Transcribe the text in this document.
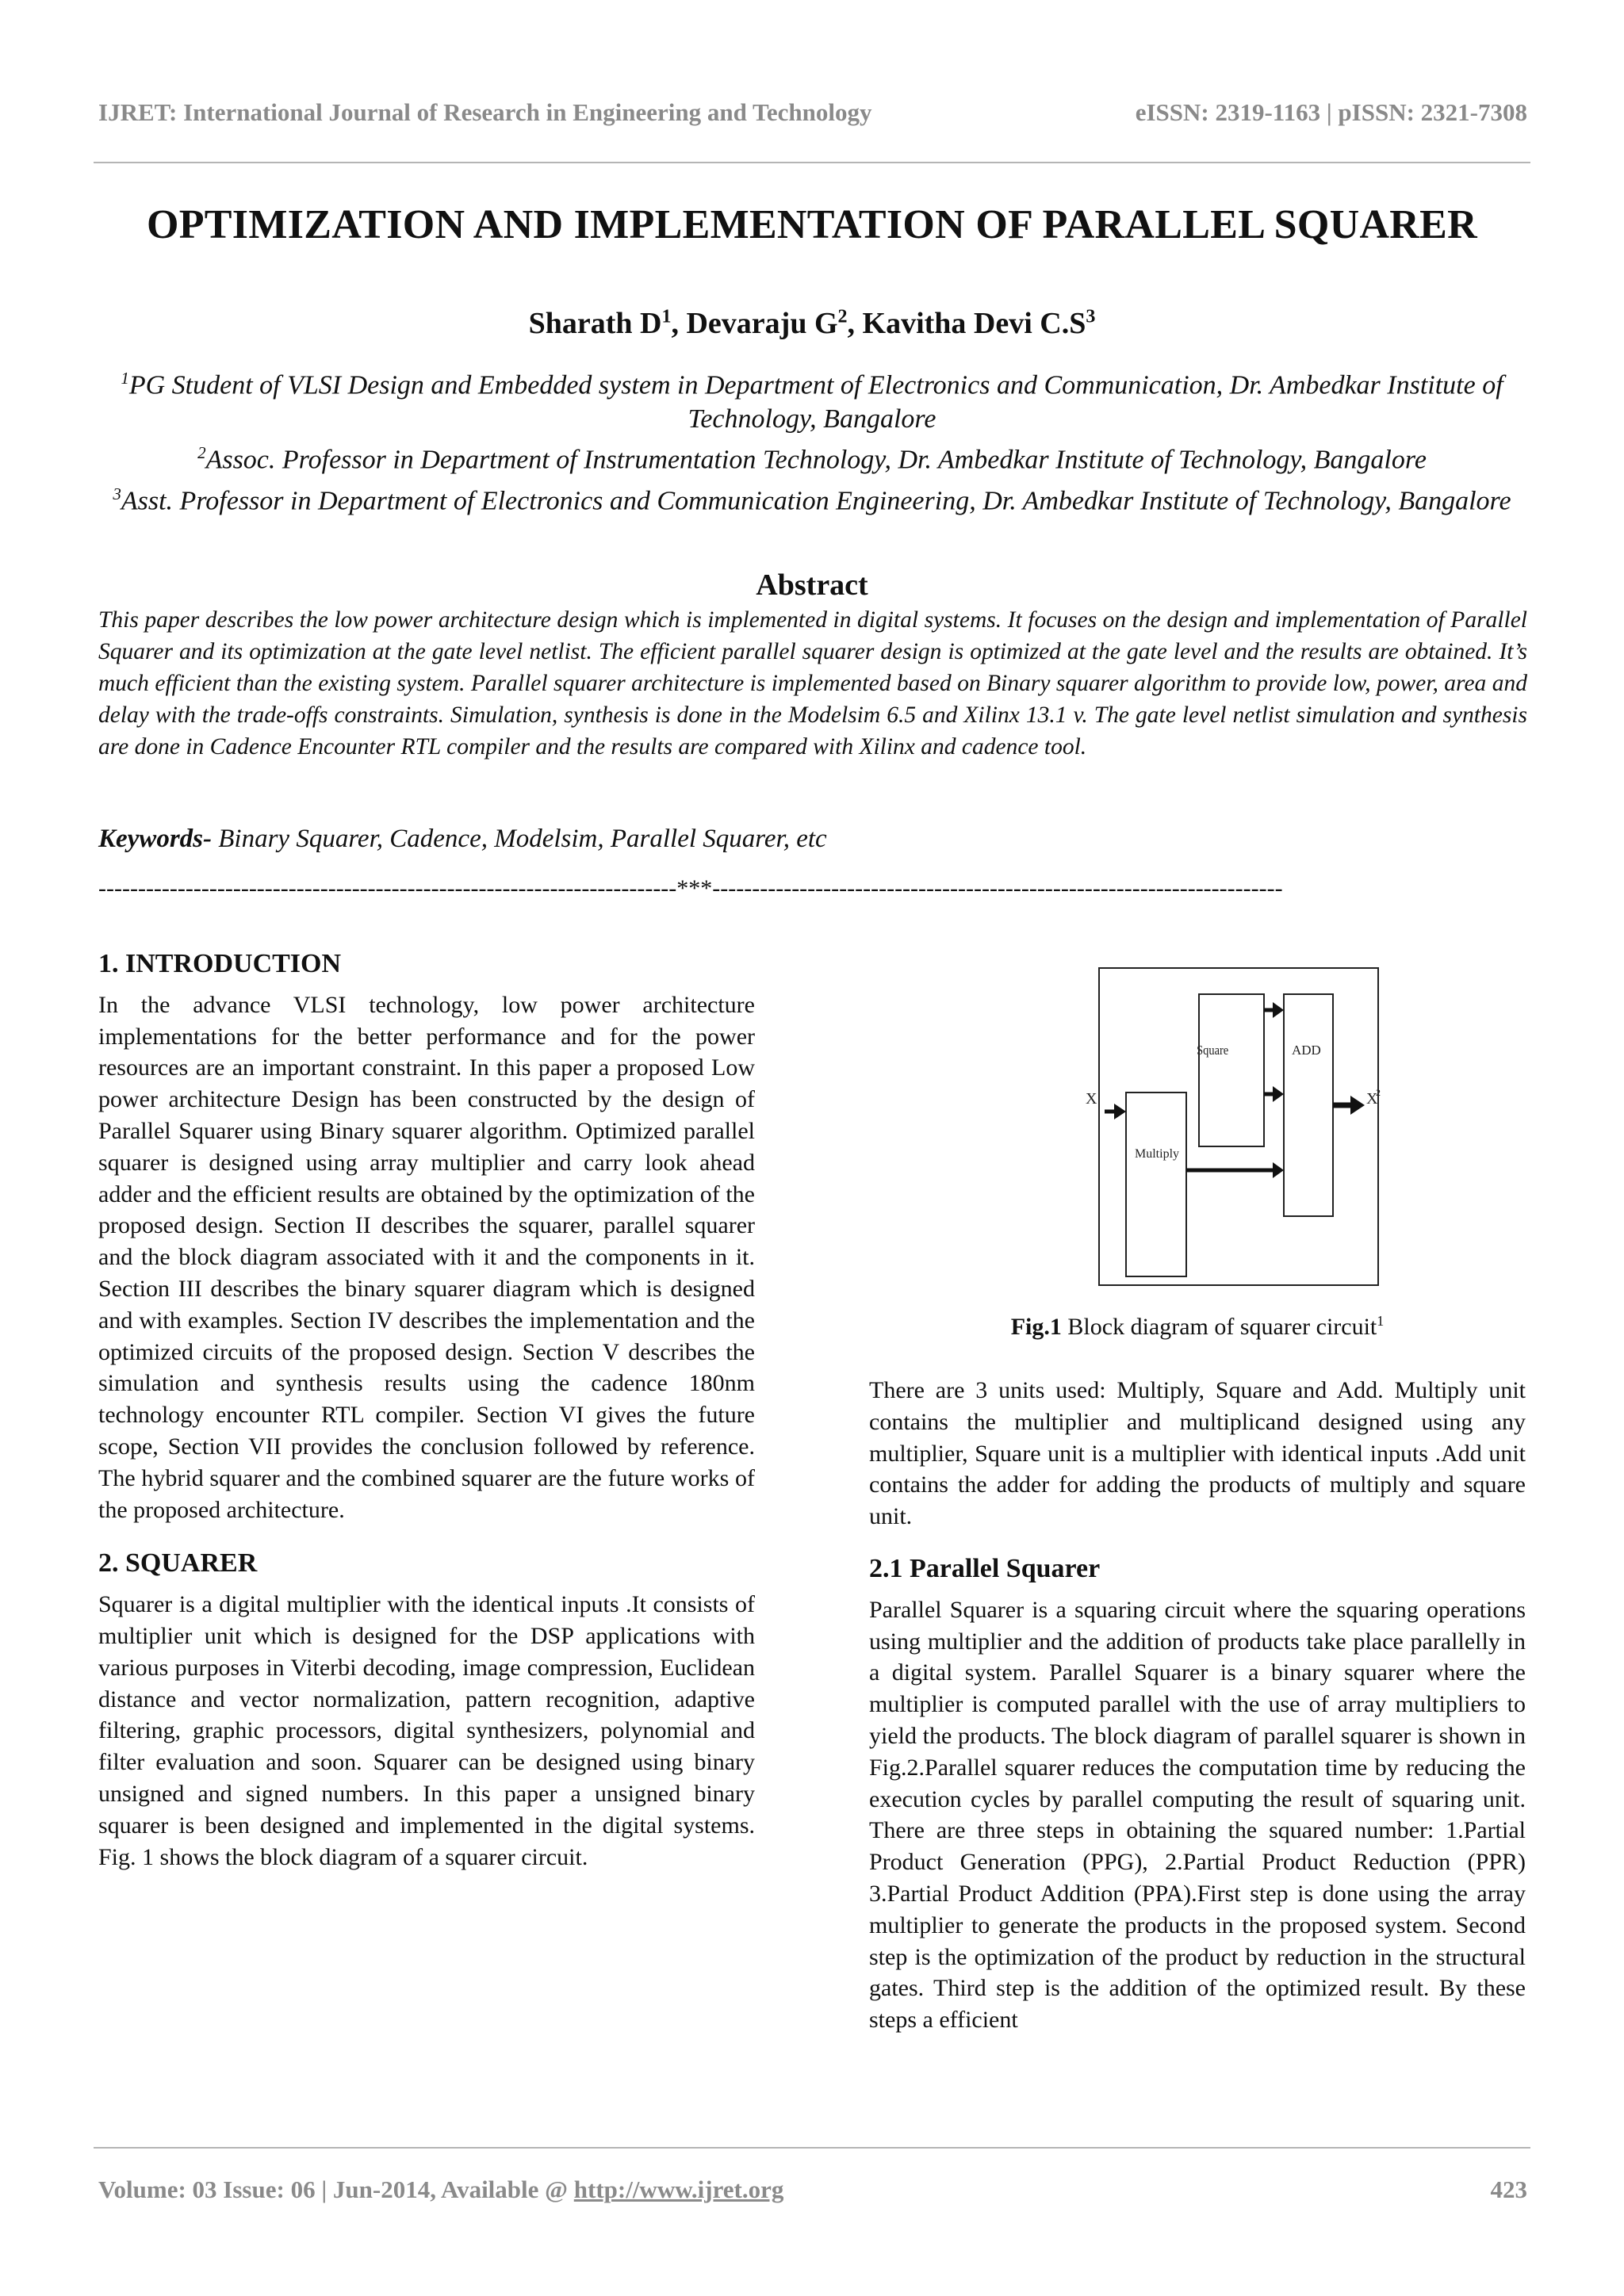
IJRET: International Journal of Research in Engineering and Technology	eISSN: 2319-1163 | pISSN: 2321-7308
OPTIMIZATION AND IMPLEMENTATION OF PARALLEL SQUARER
Sharath $D^1$, Devaraju $G^2$, Kavitha Devi $C.S^3$
$^1$PG Student of VLSI Design and Embedded system in Department of Electronics and Communication, Dr. Ambedkar Institute of Technology, Bangalore
$^2$Assoc. Professor in Department of Instrumentation Technology, Dr. Ambedkar Institute of Technology, Bangalore
$^3$Asst. Professor in Department of Electronics and Communication Engineering, Dr. Ambedkar Institute of Technology, Bangalore
Abstract
This paper describes the low power architecture design which is implemented in digital systems. It focuses on the design and implementation of Parallel Squarer and its optimization at the gate level netlist. The efficient parallel squarer design is optimized at the gate level and the results are obtained. It’s much efficient than the existing system. Parallel squarer architecture is implemented based on Binary squarer algorithm to provide low, power, area and delay with the trade-offs constraints. Simulation, synthesis is done in the Modelsim 6.5 and Xilinx 13.1 v. The gate level netlist simulation and synthesis are done in Cadence Encounter RTL compiler and the results are compared with Xilinx and cadence tool.
Keywords- Binary Squarer, Cadence, Modelsim, Parallel Squarer, etc
-------------------------------------------------------------------------***------------------------------------------------------------------------

1. INTRODUCTION

In the advance VLSI technology, low power architecture implementations for the better performance and for the power resources are an important constraint. In this paper a proposed Low power architecture Design has been constructed by the design of Parallel Squarer using Binary squarer algorithm. Optimized parallel squarer is designed using array multiplier and carry look ahead adder and the efficient results are obtained by the optimization of the proposed design. Section II describes the squarer, parallel squarer and the block diagram associated with it and the components in it. Section III describes the binary squarer diagram which is designed and with examples. Section IV describes the implementation and the optimized circuits of the proposed design. Section V describes the simulation and synthesis results using the cadence 180nm technology encounter RTL compiler. Section VI gives the future scope, Section VII provides the conclusion followed by reference. The hybrid squarer and the combined squarer are the future works of the proposed architecture.

2. SQUARER

Squarer is a digital multiplier with the identical inputs .It consists of multiplier unit which is designed for the DSP applications with various purposes in Viterbi decoding, image compression, Euclidean distance and vector normalization, pattern recognition, adaptive filtering, graphic processors, digital synthesizers, polynomial and filter evaluation and soon. Squarer can be designed using binary unsigned and signed numbers. In this paper a unsigned binary squarer is been designed and implemented in the digital systems. Fig. 1 shows the block diagram of a squarer circuit.

X	X
2
Square	ADD
Multiply
Fig.1 Block diagram of squarer circuit$^1$

There are 3 units used: Multiply, Square and Add. Multiply unit contains the multiplier and multiplicand designed using any multiplier, Square unit is a multiplier with identical inputs .Add unit contains the adder for adding the products of multiply and square unit.

2.1 Parallel Squarer

Parallel Squarer is a squaring circuit where the squaring operations using multiplier and the addition of products take place parallelly in a digital system. Parallel Squarer is a binary squarer where the multiplier is computed parallel with the use of array multipliers to yield the products. The block diagram of parallel squarer is shown in Fig.2.Parallel squarer reduces the computation time by reducing the execution cycles by parallel computing the result of squaring unit. There are three steps in obtaining the squared number: 1.Partial Product Generation (PPG), 2.Partial Product Reduction (PPR) 3.Partial Product Addition (PPA).First step is done using the array multiplier to generate the products in the proposed system. Second step is the optimization of the product by reduction in the structural gates. Third step is the addition of the optimized result. By these steps a efficient

Volume: 03 Issue: 06 | Jun-2014, Available @ http://www.ijret.org	423
